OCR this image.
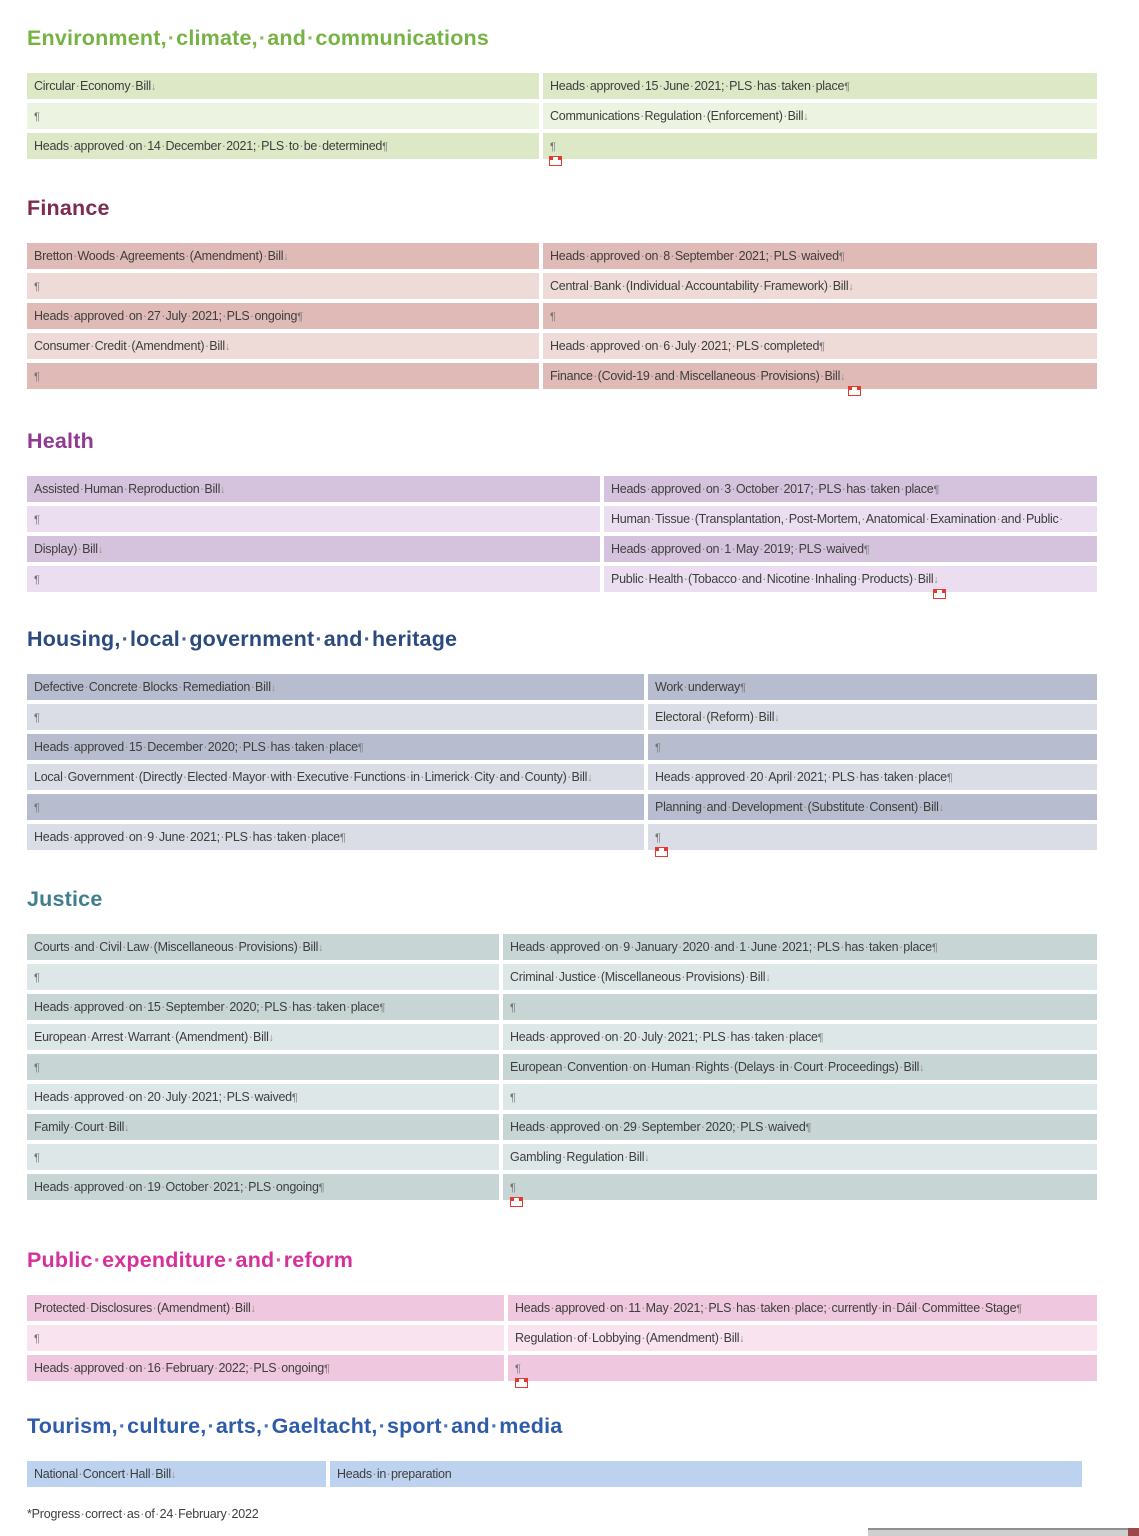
Environment,·climate,·and·communications
Circular·Economy·Bill↓	Heads·approved·15·June·2021;·PLS·has·taken·place¶
¶	Communications·Regulation·(Enforcement)·Bill↓
Heads·approved·on·14·December·2021;·PLS·to·be·determined¶	¶
Finance
Bretton·Woods·Agreements·(Amendment)·Bill↓	Heads·approved·on·8·September·2021;·PLS·waived¶
¶	Central·Bank·(Individual·Accountability·Framework)·Bill↓
Heads·approved·on·27·July·2021;·PLS·ongoing¶	¶
Consumer·Credit·(Amendment)·Bill↓	Heads·approved·on·6·July·2021;·PLS·completed¶
¶	Finance·(Covid-19·and·Miscellaneous·Provisions)·Bill↓
Health
Assisted·Human·Reproduction·Bill↓	Heads·approved·on·3·October·2017;·PLS·has·taken·place¶
¶	Human·Tissue·(Transplantation,·Post-Mortem,·Anatomical·Examination·and·Public·
Display)·Bill↓	Heads·approved·on·1·May·2019;·PLS·waived¶
¶	Public·Health·(Tobacco·and·Nicotine·Inhaling·Products)·Bill↓
Housing,·local·government·and·heritage
Defective·Concrete·Blocks·Remediation·Bill↓	Work·underway¶
¶	Electoral·(Reform)·Bill↓
Heads·approved·15·December·2020;·PLS·has·taken·place¶	¶
Local·Government·(Directly·Elected·Mayor·with·Executive·Functions·in·Limerick·City·and·County)·Bill↓	Heads·approved·20·April·2021;·PLS·has·taken·place¶
¶	Planning·and·Development·(Substitute·Consent)·Bill↓
Heads·approved·on·9·June·2021;·PLS·has·taken·place¶	¶
Justice
Courts·and·Civil·Law·(Miscellaneous·Provisions)·Bill↓	Heads·approved·on·9·January·2020·and·1·June·2021;·PLS·has·taken·place¶
¶	Criminal·Justice·(Miscellaneous·Provisions)·Bill↓
Heads·approved·on·15·September·2020;·PLS·has·taken·place¶	¶
European·Arrest·Warrant·(Amendment)·Bill↓	Heads·approved·on·20·July·2021;·PLS·has·taken·place¶
¶	European·Convention·on·Human·Rights·(Delays·in·Court·Proceedings)·Bill↓
Heads·approved·on·20·July·2021;·PLS·waived¶	¶
Family·Court·Bill↓	Heads·approved·on·29·September·2020;·PLS·waived¶
¶	Gambling·Regulation·Bill↓
Heads·approved·on·19·October·2021;·PLS·ongoing¶	¶
Public·expenditure·and·reform
Protected·Disclosures·(Amendment)·Bill↓	Heads·approved·on·11·May·2021;·PLS·has·taken·place;·currently·in·Dáil·Committee·Stage¶
¶	Regulation·of·Lobbying·(Amendment)·Bill↓
Heads·approved·on·16·February·2022;·PLS·ongoing¶	¶
Tourism,·culture,·arts,·Gaeltacht,·sport·and·media
National·Concert·Hall·Bill↓	Heads·in·preparation
*Progress·correct·as·of·24·February·2022
